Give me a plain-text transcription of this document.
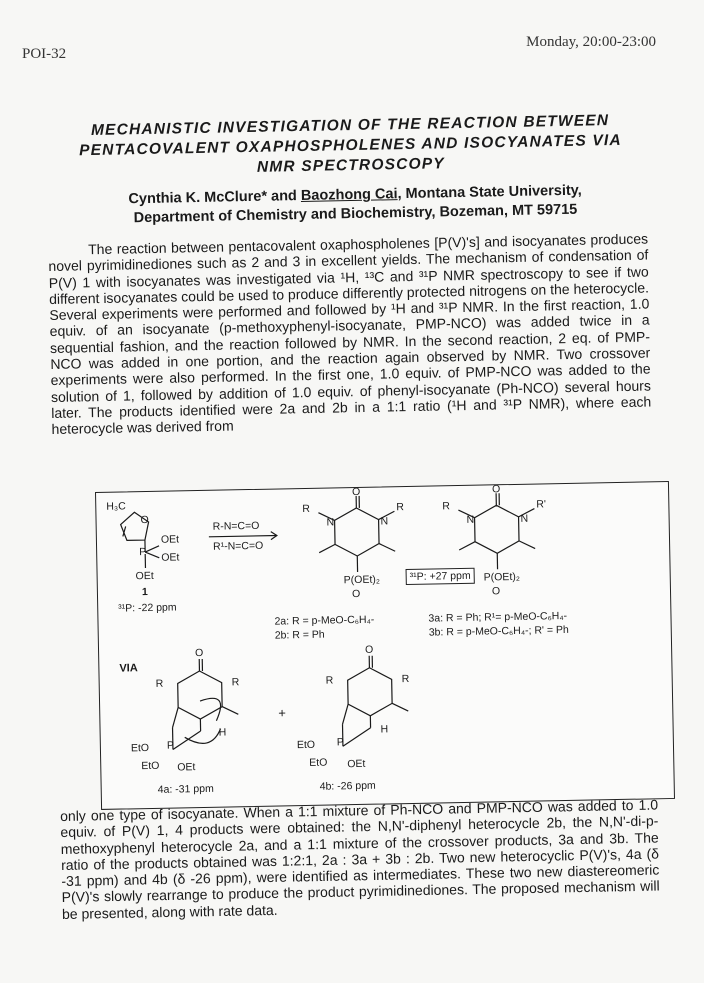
POI-32
Monday, 20:00-23:00
MECHANISTIC INVESTIGATION OF THE REACTION BETWEEN
PENTACOVALENT OXAPHOSPHOLENES AND ISOCYANATES VIA
NMR SPECTROSCOPY
Cynthia K. McClure* and Baozhong Cai, Montana State University,
Department of Chemistry and Biochemistry, Bozeman, MT 59715

The reaction between pentacovalent oxaphospholenes [P(V)'s] and isocyanates produces novel pyrimidinediones such as 2 and 3 in excellent yields. The mechanism of condensation of P(V) 1 with isocyanates was investigated via ¹H, ¹³C and ³¹P NMR spectroscopy to see if two different isocyanates could be used to produce differently protected nitrogens on the heterocycle. Several experiments were performed and followed by ¹H and ³¹P NMR. In the first reaction, 1.0 equiv. of an isocyanate (p-methoxyphenyl-isocyanate, PMP-NCO) was added twice in a sequential fashion, and the reaction followed by NMR. In the second reaction, 2 eq. of PMP-NCO was added in one portion, and the reaction again observed by NMR. Two crossover experiments were also performed. In the first one, 1.0 equiv. of PMP-NCO was added to the solution of 1, followed by addition of 1.0 equiv. of phenyl-isocyanate (Ph-NCO) several hours later. The products identified were 2a and 2b in a 1:1 ratio (¹H and ³¹P NMR), where each heterocycle was derived from

H₃C
O
OEt
OEt
P
OEt
1
³¹P: -22 ppm
R-N=C=O
R¹-N=C=O
R	R
N	N
O
P(OEt)₂
O
³¹P: +27 ppm
R	R'
N	N
O
P(OEt)₂
O
2a: R = p-MeO-C₆H₄-
2b: R = Ph
3a: R = Ph; R¹= p-MeO-C₆H₄-
3b: R = p-MeO-C₆H₄-; R' = Ph
VIA
R	R
O
EtO
EtO OEt
P
H
4a: -31 ppm
+
R	R
O
EtO
EtO OEt
P
H
4b: -26 ppm

only one type of isocyanate. When a 1:1 mixture of Ph-NCO and PMP-NCO was added to 1.0 equiv. of P(V) 1, 4 products were obtained: the N,N'-diphenyl heterocycle 2b, the N,N'-di-p-methoxyphenyl heterocycle 2a, and a 1:1 mixture of the crossover products, 3a and 3b. The ratio of the products obtained was 1:2:1, 2a : 3a + 3b : 2b. Two new heterocyclic P(V)'s, 4a (δ -31 ppm) and 4b (δ -26 ppm), were identified as intermediates. These two new diastereomeric P(V)'s slowly rearrange to produce the product pyrimidinediones. The proposed mechanism will be presented, along with rate data.
